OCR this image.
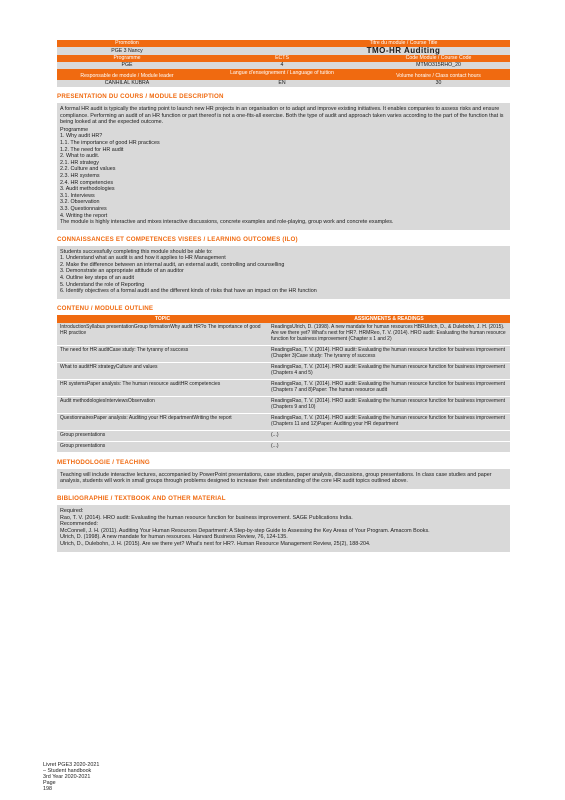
Promotion	Titre du module / Course Title
PGE 3 Nancy	TMO-HR Auditing
Programme	ECTS	Code Module / Course Code
PGE	4	MTMO315RHO_20
Responsable de module / Module leader	Langue d'enseignement / Language of tuition	Volume horaire / Class contact hours
CANHILAL KUBRA	EN	30
PRESENTATION DU COURS / MODULE DESCRIPTION

A formal HR audit is typically the starting point to launch new HR projects in an organisation or to adapt and improve existing initiatives. It enables companies to assess risks and ensure compliance. Performing an audit of an HR function or part thereof is not a one-fits-all exercise. Both the type of audit and approach taken varies according to the part of the function that is being looked at and the expected outcome.

Programme

1. Why audit HR?

1.1. The importance of good HR practices

1.2. The need for HR audit

2. What to audit.

2.1. HR strategy

2.2. Culture and values

2.3. HR systems

2.4. HR competencies

3. Audit methodologies

3.1. Interviews

3.2. Observation

3.3. Questionnaires

4. Writing the report

The module is highly interactive and mixes interactive discussions, concrete examples and role-playing, group work and concrete examples.

CONNAISSANCES ET COMPETENCES VISEES / LEARNING OUTCOMES (ILO)

Students successfully completing this module should be able to:

1. Understand what an audit is and how it applies to HR Management

2. Make the difference between an internal audit, an external audit, controlling and counselling

3. Demonstrate an appropriate attitude of an auditor

4. Outline key steps of an audit

5. Understand the role of Reporting

6. Identify objectives of a formal audit and the different kinds of risks that have an impact on the HR function

CONTENU / MODULE OUTLINE
TOPIC	ASSIGNMENTS & READINGS
IntroductionSyllabus presentationGroup formationWhy audit HR?o The importance of good HR practice	ReadingsUlrich, D. (1998). A new mandate for human resources HBRUlrich, D., & Dulebohn, J. H. (2015). Are we there yet? What's next for HR?. HRMReo, T. V. (2014). HRO audit: Evaluating the human resource function for business improvement (Chapter s 1 and 2)
The need for HR auditCase study: The tyranny of success	ReadingsRao, T. V. (2014). HRO audit: Evaluating the human resource function for business improvement (Chapter 3)Case study: The tyranny of success
What to auditHR strategyCulture and values	ReadingsRao, T. V. (2014). HRO audit: Evaluating the human resource function for business improvement (Chapters 4 and 5)
HR systemsPaper analysis: The human resource auditHR competencies	ReadingsRao, T. V. (2014). HRO audit: Evaluating the human resource function for business improvement (Chapters 7 and 8)Paper: The human resource audit
Audit methodologiesInterviewsObservation	ReadingsRao, T. V. (2014). HRO audit: Evaluating the human resource function for business improvement (Chapters 9 and 10)
QuestionnairesPaper analysis: Auditing your HR departmentWriting the report	ReadingsRao, T. V. (2014). HRO audit: Evaluating the human resource function for business improvement (Chapters 11 and 12)Paper: Auditing your HR department
Group presentations	(...)
Group presentations	(...)
METHODOLOGIE / TEACHING

Teaching will include interactive lectures, accompanied by PowerPoint presentations, case studies, paper analysis, discussions, group presentations. In class case studies and paper analysis, students will work in small groups through problems designed to increase their understanding of the core HR audit topics outlined above.

BIBLIOGRAPHIE / TEXTBOOK AND OTHER MATERIAL

Required:

Rao, T. V. (2014). HRO audit: Evaluating the human resource function for business improvement. SAGE Publications India.

Recommended:

McConnell, J. H. (2011). Auditing Your Human Resources Department: A Step-by-step Guide to Assessing the Key Areas of Your Program. Amacom Books.

Ulrich, D. (1998). A new mandate for human resources. Harvard Business Review, 76, 124-135.

Ulrich, D., Dulebohn, J. H. (2015). Are we there yet? What's next for HR?. Human Resource Management Review, 25(2), 188-204.

Livret PGE3 2020-2021
– Student handbook
3rd Year 2020-2021
Page
198
